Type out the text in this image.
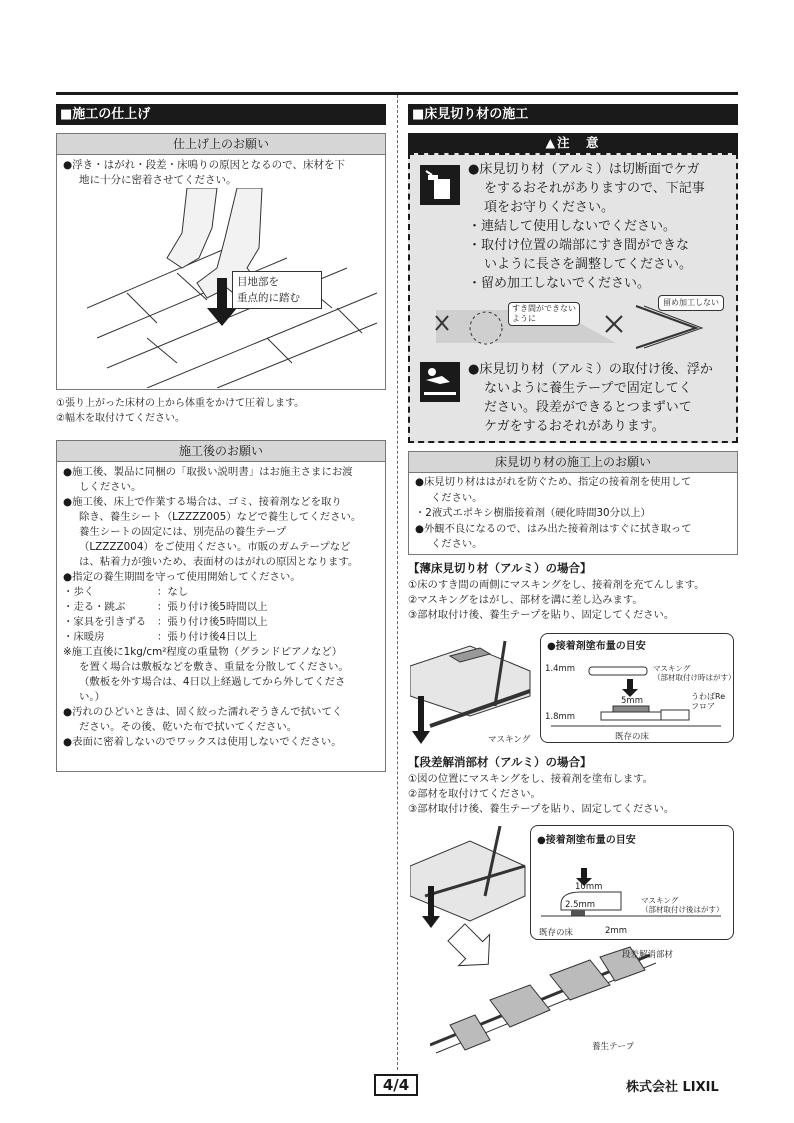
■施工の仕上げ
仕上げ上のお願い
●浮き・はがれ・段差・床鳴りの原因となるので、床材を下
地に十分に密着させてください。
目地部を
重点的に踏む
①張り上がった床材の上から体重をかけて圧着します。
②幅木を取付けてください。
施工後のお願い
●施工後、製品に同梱の「取扱い説明書」はお施主さまにお渡
しください。
●施工後、床上で作業する場合は、ゴミ、接着剤などを取り
除き、養生シート（LZZZZ005）などで養生してください。
養生シートの固定には、別売品の養生テープ
（LZZZZ004）をご使用ください。市販のガムテープなど
は、粘着力が強いため、表面材のはがれの原因となります。
●指定の養生期間を守って使用開始してください。
・歩く	：なし
・走る・跳ぶ	：張り付け後5時間以上
・家具を引きずる	：張り付け後5時間以上
・床暖房	：張り付け後4日以上
※施工直後に1kg/cm²程度の重量物（グランドピアノなど）
を置く場合は敷板などを敷き、重量を分散してください。
（敷板を外す場合は、4日以上経過してから外してくださ
い。）
●汚れのひどいときは、固く絞った濡れぞうきんで拭いてく
ださい。その後、乾いた布で拭いてください。
●表面に密着しないのでワックスは使用しないでください。
■床見切り材の施工
▲注　意
●床見切り材（アルミ）は切断面でケガ
をするおそれがありますので、下記事
項をお守りください。
・連結して使用しないでください。
・取付け位置の端部にすき間ができな
いように長さを調整してください。
・留め加工しないでください。
すき間ができない
ように
留め加工しない
●床見切り材（アルミ）の取付け後、浮か
ないように養生テープで固定してく
ださい。段差ができるとつまずいて
ケガをするおそれがあります。
床見切り材の施工上のお願い
●床見切り材ははがれを防ぐため、指定の接着剤を使用して
ください。
・2液式エポキシ樹脂接着剤（硬化時間30分以上）
●外観不良になるので、はみ出た接着剤はすぐに拭き取って
ください。
【薄床見切り材（アルミ）の場合】
①床のすき間の両側にマスキングをし、接着剤を充てんします。
②マスキングをはがし、部材を溝に差し込みます。
③部材取付け後、養生テープを貼り、固定してください。
マスキング
●接着剤塗布量の目安
1.4mm
1.8mm
5mm
マスキング
（部材取付け時はがす）
うわばRe
フロア
既存の床
【段差解消部材（アルミ）の場合】
①図の位置にマスキングをし、接着剤を塗布します。
②部材を取付けてください。
③部材取付け後、養生テープを貼り、固定してください。
●接着剤塗布量の目安
10mm
2.5mm
2mm
マスキング
（部材取付け後はがす）
既存の床
段差解消部材
養生テープ
4/4	株式会社 LIXIL
